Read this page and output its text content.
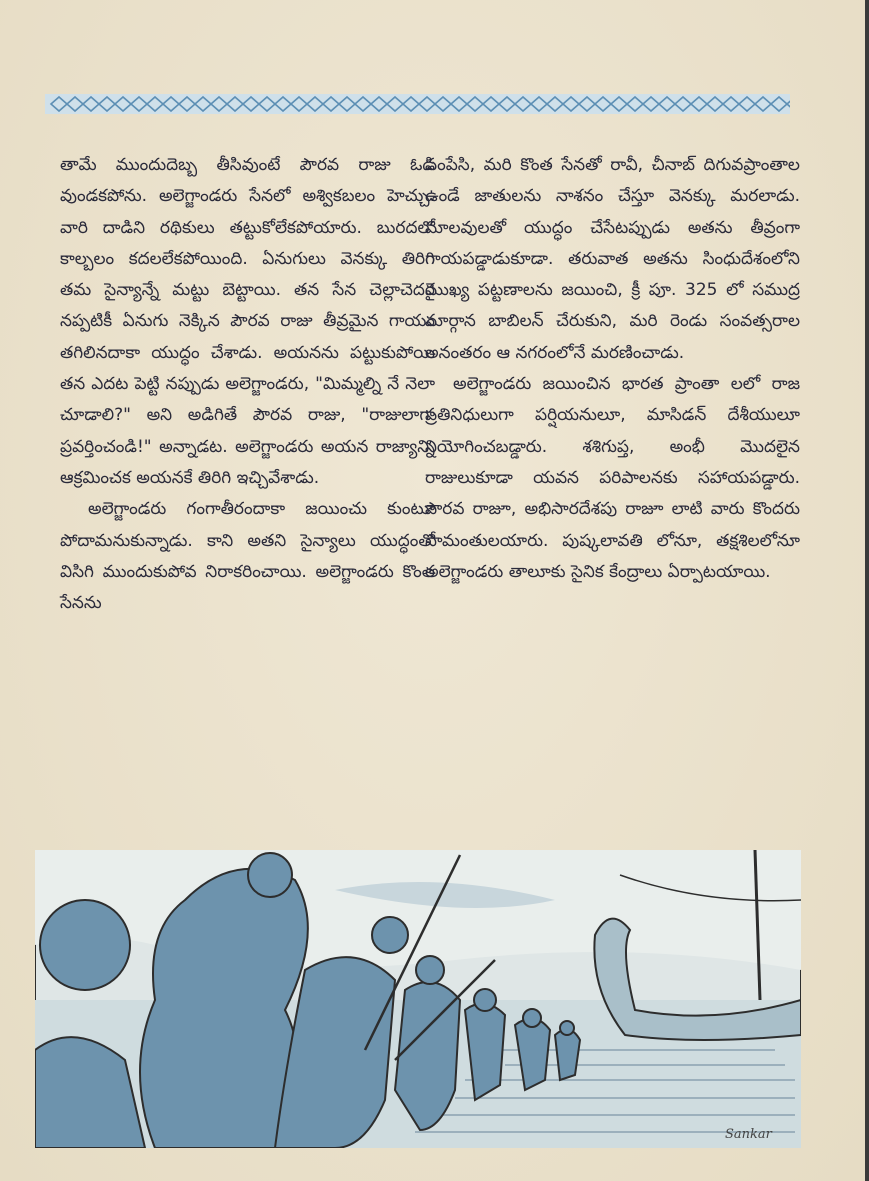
తామే ముందుదెబ్బ తీసివుంటే పౌరవ రాజు ఓడి వుండకపోను. అలెగ్జాండరు సేనలో అశ్వికబలం హెచ్చు. వారి దాడిని రథికులు తట్టుకోలేకపోయారు. బురదలో కాల్బలం కదలలేకపోయింది. ఏనుగులు వెనక్కు తిరిగి తమ సైన్యాన్నే మట్టు బెట్టాయి. తన సేన చెల్లాచెదరై నప్పటికీ ఏనుగు నెక్కిన పౌరవ రాజు తీవ్రమైన గాయం తగిలినదాకా యుద్ధం చేశాడు. అయనను పట్టుకుపోయి తన ఎదట పెట్టి నప్పుడు అలెగ్జాండరు, "మిమ్మల్ని నే నెలా చూడాలి?" అని అడిగితే పౌరవ రాజు, "రాజులాగా ప్రవర్తించండి!" అన్నాడట. అలెగ్జాండరు అయన రాజ్యాన్ని ఆక్రమించక అయనకే తిరిగి ఇచ్చివేశాడు.

అలెగ్జాండరు గంగాతీరందాకా జయించు కుంటూ పోదామనుకున్నాడు. కాని అతని సైన్యాలు యుద్ధంతో విసిగి ముందుకుపోవ నిరాకరించాయి. అలెగ్జాండరు కొంత సేనను

పంపేసి, మరి కొంత సేనతో రావీ, చీనాబ్ దిగువప్రాంతాల ఉండే జాతులను నాశనం చేస్తూ వెనక్కు మరలాడు. మాలవులతో యుద్ధం చేసేటప్పుడు అతను తీవ్రంగా గాయపడ్డాడుకూడా. తరువాత అతను సింధుదేశంలోని ముఖ్య పట్టణాలను జయించి, క్రీ పూ. 325 లో సముద్ర మార్గాన బాబిలన్ చేరుకుని, మరి రెండు సంవత్సరాల అనంతరం ఆ నగరంలోనే మరణించాడు.

అలెగ్జాండరు జయించిన భారత ప్రాంతా లలో రాజ ప్రతినిధులుగా పర్షియనులూ, మాసిడన్ దేశీయులూ నియోగించబడ్డారు. శశిగుప్త, అంభీ మొదలైన రాజులుకూడా యవన పరిపాలనకు సహాయపడ్డారు. పౌరవ రాజూ, అభిసారదేశపు రాజూ లాటి వారు కొందరు సామంతులయారు. పుష్కలావతి లోనూ, తక్షశిలలోనూ అలెగ్జాండరు తాలూకు సైనిక కేంద్రాలు ఏర్పాటయాయి.

Sankar
